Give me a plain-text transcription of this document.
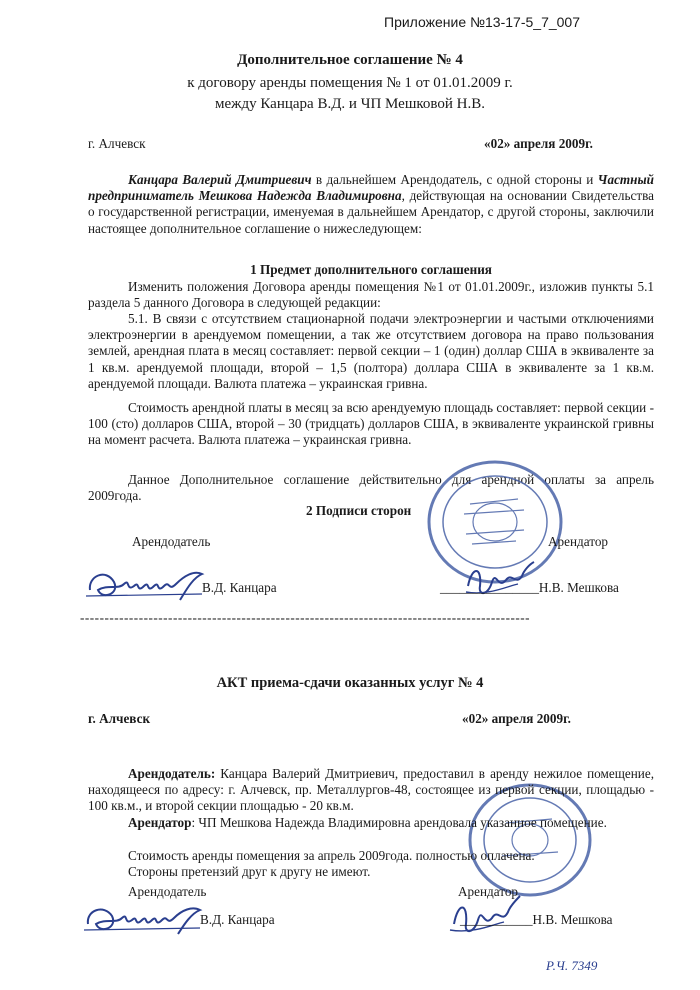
Приложение №13-17-5_7_007
Дополнительное соглашение № 4
к договору аренды помещения № 1 от 01.01.2009 г.
между Канцара В.Д. и ЧП Мешковой Н.В.
г. Алчевск	«02» апреля 2009г.
Канцара Валерий Дмитриевич в дальнейшем Арендодатель, с одной стороны и Частный предприниматель Мешкова Надежда Владимировна, действующая на основании Свидетельства о государственной регистрации, именуемая в дальнейшем Арендатор, с другой стороны, заключили настоящее дополнительное соглашение о нижеследующем:
1 Предмет дополнительного соглашения
Изменить положения Договора аренды помещения №1 от 01.01.2009г., изложив пункты 5.1 раздела 5 данного Договора в следующей редакции:
5.1. В связи с отсутствием стационарной подачи электроэнергии и частыми отключениями электроэнергии в арендуемом помещении, а так же отсутствием договора на право пользования землей, арендная плата в месяц составляет: первой секции – 1 (один) доллар США в эквиваленте за 1 кв.м. арендуемой площади, второй – 1,5 (полтора) доллара США в эквиваленте за 1 кв.м. арендуемой площади. Валюта платежа – украинская гривна.
Стоимость арендной платы в месяц за всю арендуемую площадь составляет: первой секции - 100 (сто) долларов США, второй – 30 (тридцать) долларов США, в эквиваленте украинской гривны на момент расчета. Валюта платежа – украинская гривна.
Данное Дополнительное соглашение действительно для арендной оплаты за апрель 2009года.
2 Подписи сторон
Арендодатель	Арендатор
В.Д. Канцара	_______________Н.В. Мешкова
--------------------------------------------------------------------------------------------
АКТ приема-сдачи оказанных услуг № 4
г. Алчевск	«02» апреля 2009г.
Арендодатель: Канцара Валерий Дмитриевич, предоставил в аренду нежилое помещение, находящееся по адресу: г. Алчевск, пр. Металлургов-48, состоящее из первой секции, площадью - 100 кв.м., и второй секции площадью - 20 кв.м.
Арендатор: ЧП Мешкова Надежда Владимировна арендовала указанное помещение.
Стоимость аренды помещения за апрель 2009года. полностью оплачена.
Стороны претензий друг к другу не имеют.
Арендодатель	Арендатор
В.Д. Канцара	___________Н.В. Мешкова
Р.Ч. 7349
